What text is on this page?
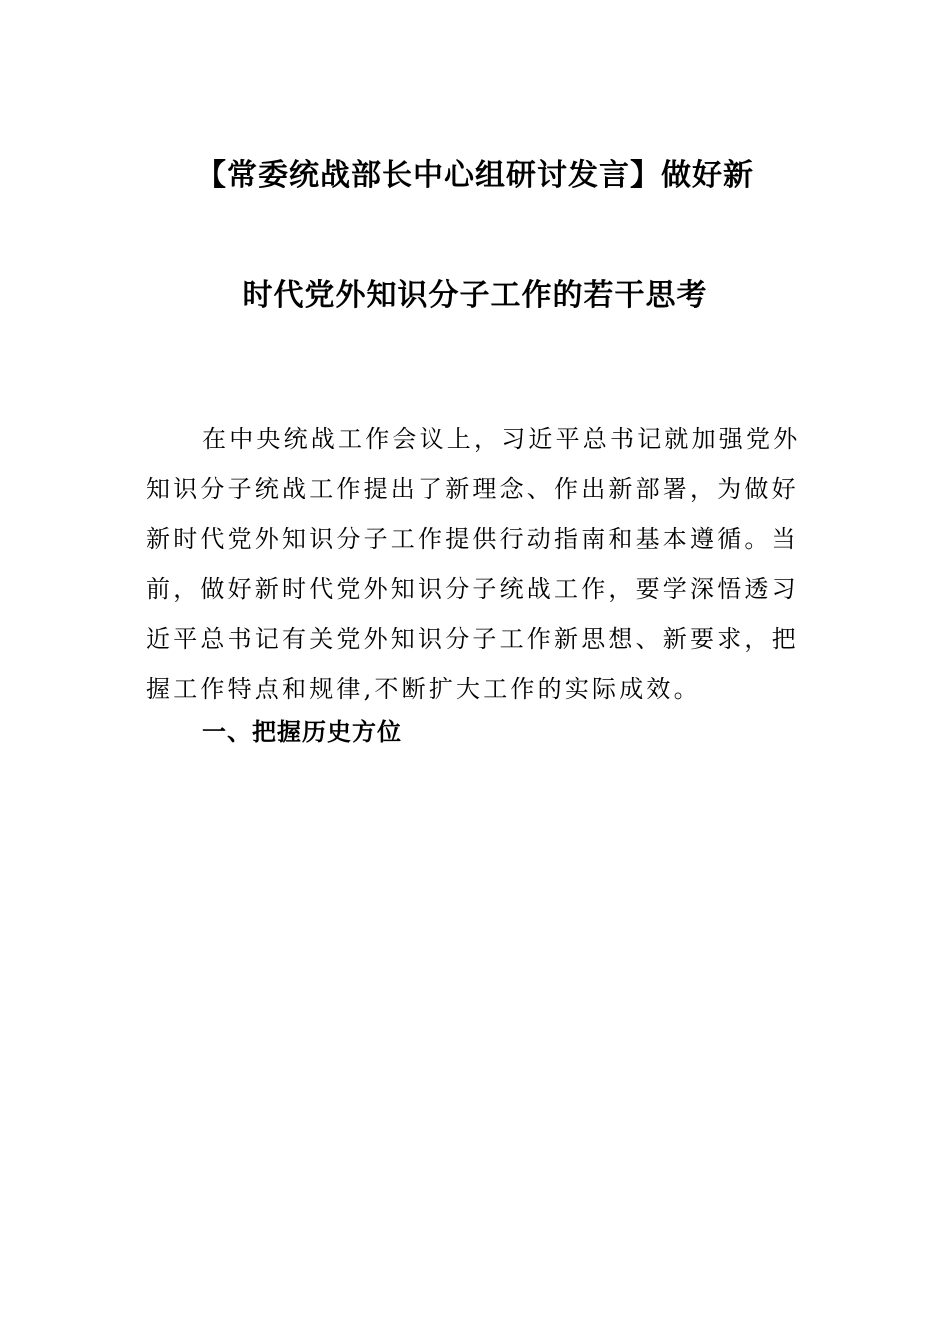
【常委统战部长中心组研讨发言】做好新
时代党外知识分子工作的若干思考
在中央统战工作会议上，习近平总书记就加强党外
知识分子统战工作提出了新理念、作出新部署，为做好
新时代党外知识分子工作提供行动指南和基本遵循。当
前，做好新时代党外知识分子统战工作，要学深悟透习
近平总书记有关党外知识分子工作新思想、新要求，把
握工作特点和规律,不断扩大工作的实际成效。
一、把握历史方位
